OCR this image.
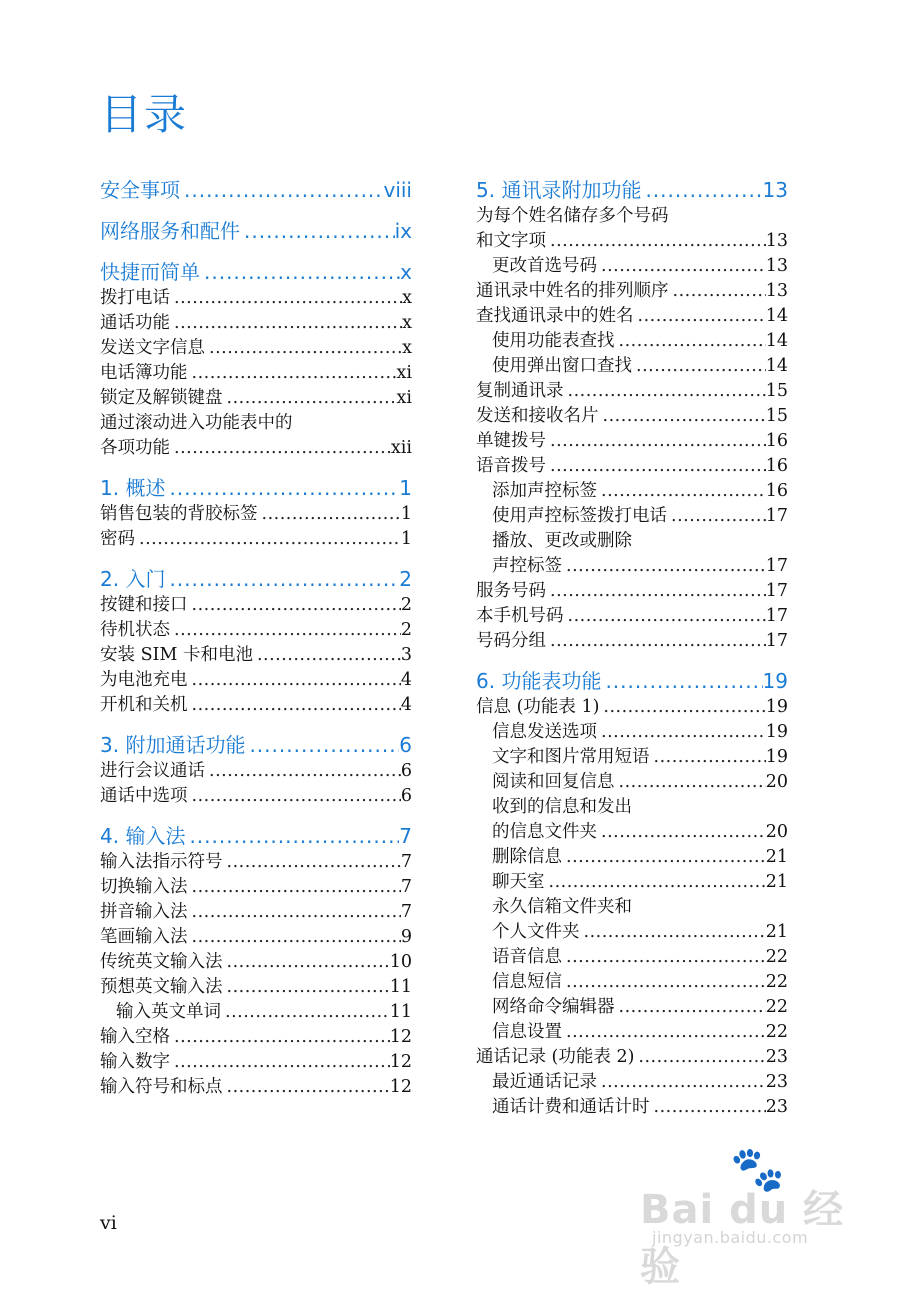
目录
安全事项 .....	viii
网络服务和配件 .....	ix
快捷而简单 .....	x
拨打电话 .....	x
通话功能 .....	x
发送文字信息 .....	x
电话簿功能 .....	xi
锁定及解锁键盘 .....	xi
通过滚动进入功能表中的
各项功能 .....	xii
1. 概述 .....	1
销售包装的背胶标签 .....	1
密码 .....	1
2. 入门 .....	2
按键和接口 .....	2
待机状态 .....	2
安装 SIM 卡和电池 .....	3
为电池充电 .....	4
开机和关机 .....	4
3. 附加通话功能 .....	6
进行会议通话 .....	6
通话中选项 .....	6
4. 输入法 .....	7
输入法指示符号 .....	7
切换输入法 .....	7
拼音输入法 .....	7
笔画输入法 .....	9
传统英文输入法 .....	10
预想英文输入法 .....	11
输入英文单词 .....	11
输入空格 .....	12
输入数字 .....	12
输入符号和标点 .....	12
5. 通讯录附加功能 .....	13
为每个姓名储存多个号码
和文字项 .....	13
更改首选号码 .....	13
通讯录中姓名的排列顺序 .....	13
查找通讯录中的姓名 .....	14
使用功能表查找 .....	14
使用弹出窗口查找 .....	14
复制通讯录 .....	15
发送和接收名片 .....	15
单键拨号 .....	16
语音拨号 .....	16
添加声控标签 .....	16
使用声控标签拨打电话 .....	17
播放、更改或删除
声控标签 .....	17
服务号码 .....	17
本手机号码 .....	17
号码分组 .....	17
6. 功能表功能 .....	19
信息 (功能表 1) .....	19
信息发送选项 .....	19
文字和图片常用短语 .....	19
阅读和回复信息 .....	20
收到的信息和发出
的信息文件夹 .....	20
删除信息 .....	21
聊天室 .....	21
永久信箱文件夹和
个人文件夹 .....	21
语音信息 .....	22
信息短信 .....	22
网络命令编辑器 .....	22
信息设置 .....	22
通话记录 (功能表 2) .....	23
最近通话记录 .....	23
通话计费和通话计时 .....	23
vi
🐾
Bai du 经验
jingyan.baidu.com
